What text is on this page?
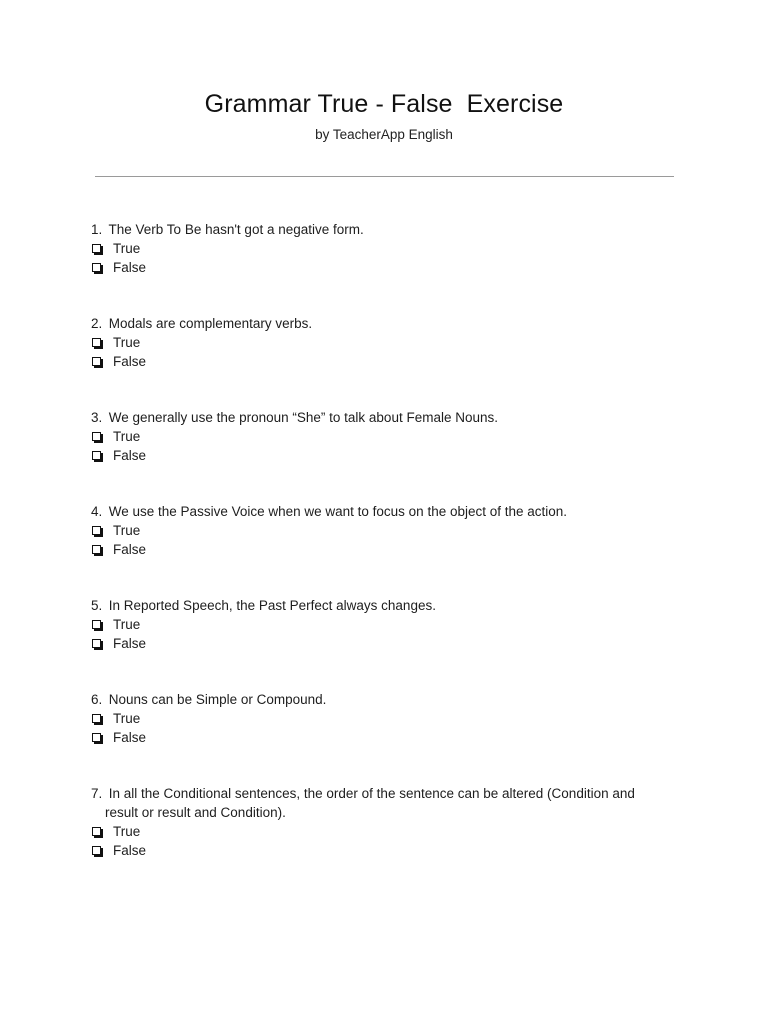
Grammar True - False  Exercise
by TeacherApp English
1. The Verb To Be hasn't got a negative form.
True
False
2. Modals are complementary verbs.
True
False
3. We generally use the pronoun “She” to talk about Female Nouns.
True
False
4. We use the Passive Voice when we want to focus on the object of the action.
True
False
5. In Reported Speech, the Past Perfect always changes.
True
False
6. Nouns can be Simple or Compound.
True
False
7. In all the Conditional sentences, the order of the sentence can be altered (Condition and result or result and Condition).
True
False
